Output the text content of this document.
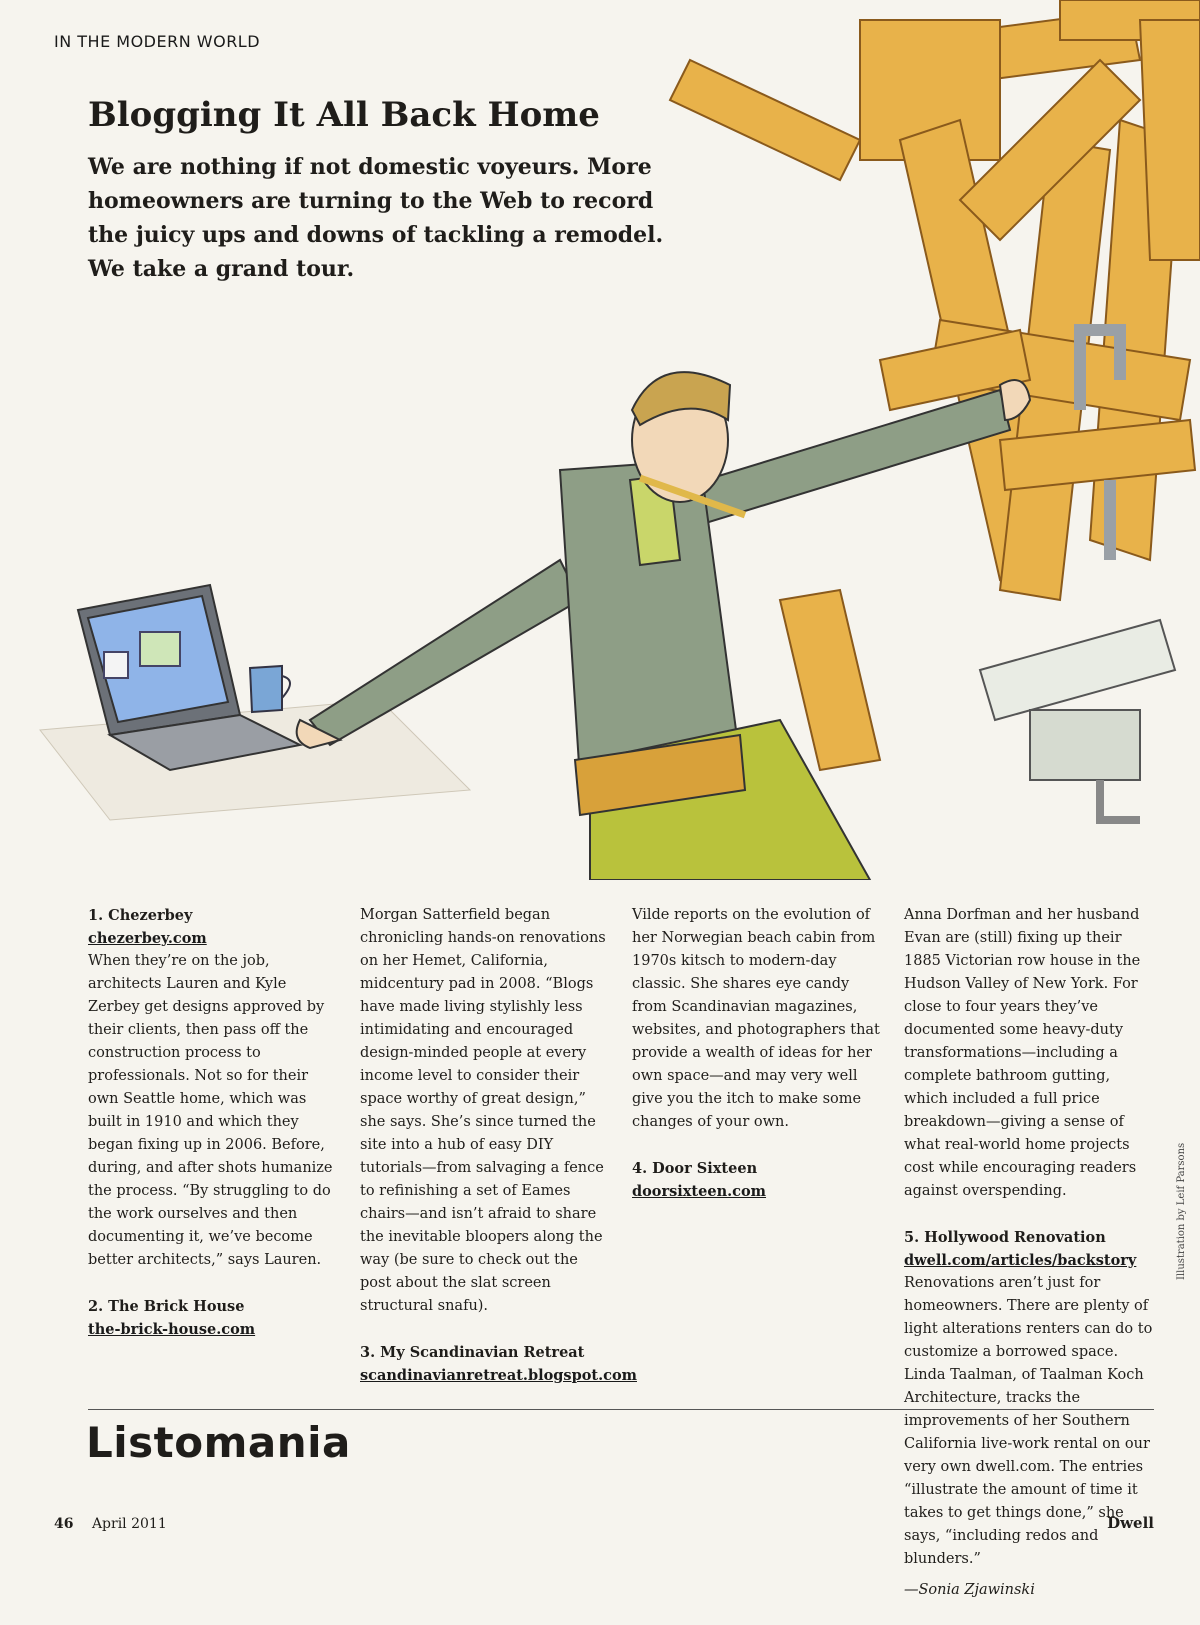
IN THE MODERN WORLD
Blogging It All Back Home

We are nothing if not domestic voyeurs. More homeowners are turning to the Web to record the juicy ups and downs of tackling a remodel. We take a grand tour.

1. Chezerbey
chezerbey.com
When they’re on the job, architects Lauren and Kyle Zerbey get designs approved by their clients, then pass off the construction process to professionals. Not so for their own Seattle home, which was built in 1910 and which they began fixing up in 2006. Before, during, and after shots humanize the process. “By struggling to do the work ourselves and then documenting it, we’ve become better architects,” says Lauren.
2. The Brick House
the-brick-house.com
Morgan Satterfield began chronicling hands-on renovations on her Hemet, California, midcentury pad in 2008. “Blogs have made living stylishly less intimidating and encouraged design-minded people at every income level to consider their space worthy of great design,” she says. She’s since turned the site into a hub of easy DIY tutorials—from salvaging a fence to refinishing a set of Eames chairs—and isn’t afraid to share the inevitable bloopers along the way (be sure to check out the post about the slat screen structural snafu).
3. My Scandinavian Retreat
scandinavianretreat.blogspot.com
Vilde reports on the evolution of her Norwegian beach cabin from 1970s kitsch to modern-day classic. She shares eye candy from Scandinavian magazines, websites, and photographers that provide a wealth of ideas for her own space—and may very well give you the itch to make some changes of your own.
4. Door Sixteen
doorsixteen.com
Anna Dorfman and her husband Evan are (still) fixing up their 1885 Victorian row house in the Hudson Valley of New York. For close to four years they’ve documented some heavy-duty transformations—including a complete bathroom gutting, which included a full price breakdown—giving a sense of what real-world home projects cost while encouraging readers against overspending.
5. Hollywood Renovation
dwell.com/articles/backstory
Renovations aren’t just for homeowners. There are plenty of light alterations renters can do to customize a borrowed space. Linda Taalman, of Taalman Koch Architecture, tracks the improvements of her Southern California live-work rental on our very own dwell.com. The entries “illustrate the amount of time it takes to get things done,” she says, “including redos and blunders.”
—Sonia Zjawinski
Listomania
46 April 2011	Dwell
Illustration by Leif Parsons
